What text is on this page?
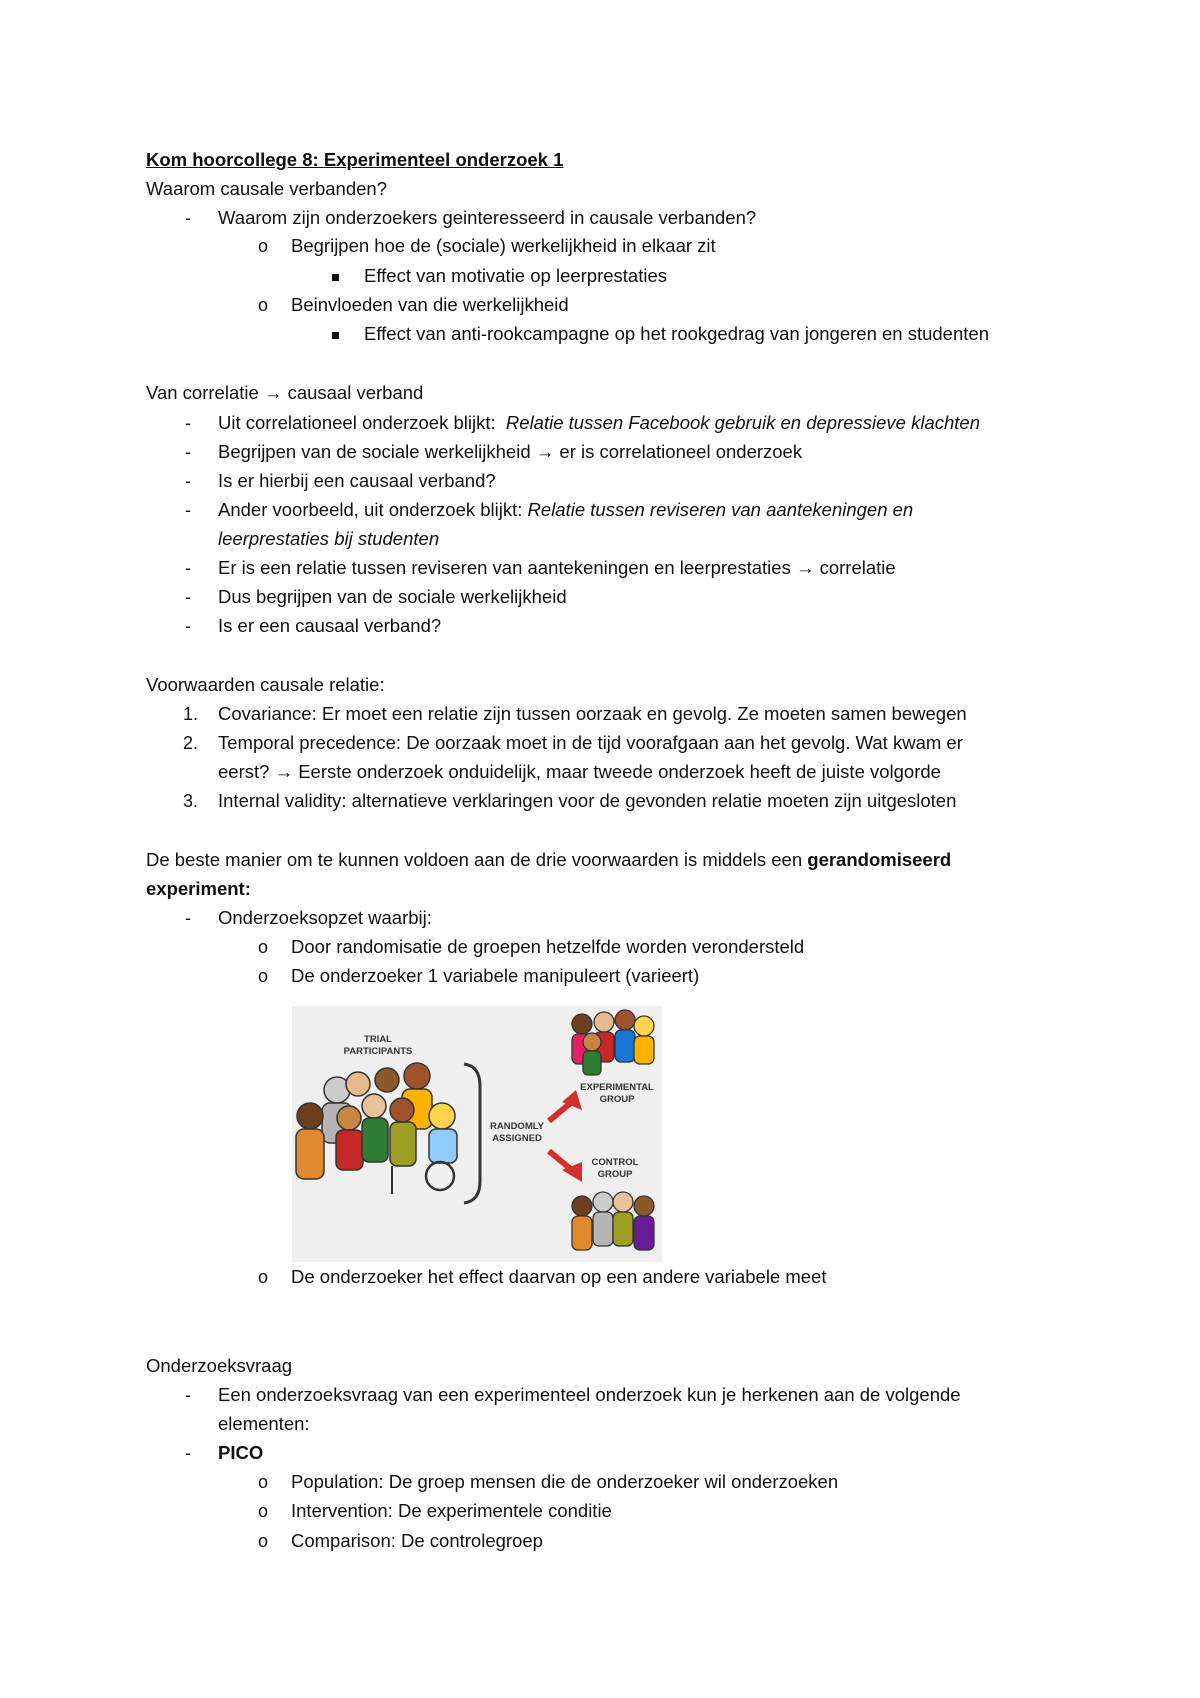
Kom hoorcollege 8: Experimenteel onderzoek 1
Waarom causale verbanden?
- Waarom zijn onderzoekers geinteresseerd in causale verbanden?
o Begrijpen hoe de (sociale) werkelijkheid in elkaar zit
Effect van motivatie op leerprestaties
o Beinvloeden van die werkelijkheid
Effect van anti-rookcampagne op het rookgedrag van jongeren en studenten
Van correlatie → causaal verband
- Uit correlationeel onderzoek blijkt: Relatie tussen Facebook gebruik en depressieve klachten
- Begrijpen van de sociale werkelijkheid → er is correlationeel onderzoek
- Is er hierbij een causaal verband?
- Ander voorbeeld, uit onderzoek blijkt: Relatie tussen reviseren van aantekeningen en
leerprestaties bij studenten
- Er is een relatie tussen reviseren van aantekeningen en leerprestaties → correlatie
- Dus begrijpen van de sociale werkelijkheid
- Is er een causaal verband?
Voorwaarden causale relatie:
1. Covariance: Er moet een relatie zijn tussen oorzaak en gevolg. Ze moeten samen bewegen
2. Temporal precedence: De oorzaak moet in de tijd voorafgaan aan het gevolg. Wat kwam er
eerst? → Eerste onderzoek onduidelijk, maar tweede onderzoek heeft de juiste volgorde
3. Internal validity: alternatieve verklaringen voor de gevonden relatie moeten zijn uitgesloten
De beste manier om te kunnen voldoen aan de drie voorwaarden is middels een gerandomiseerd
experiment:
- Onderzoeksopzet waarbij:
o Door randomisatie de groepen hetzelfde worden verondersteld
o De onderzoeker 1 variabele manipuleert (varieert)
TRIAL
PARTICIPANTS
RANDOMLY
ASSIGNED
EXPERIMENTAL
GROUP
CONTROL
GROUP
o De onderzoeker het effect daarvan op een andere variabele meet
Onderzoeksvraag
- Een onderzoeksvraag van een experimenteel onderzoek kun je herkenen aan de volgende
elementen:
- PICO
o Population: De groep mensen die de onderzoeker wil onderzoeken
o Intervention: De experimentele conditie
o Comparison: De controlegroep
